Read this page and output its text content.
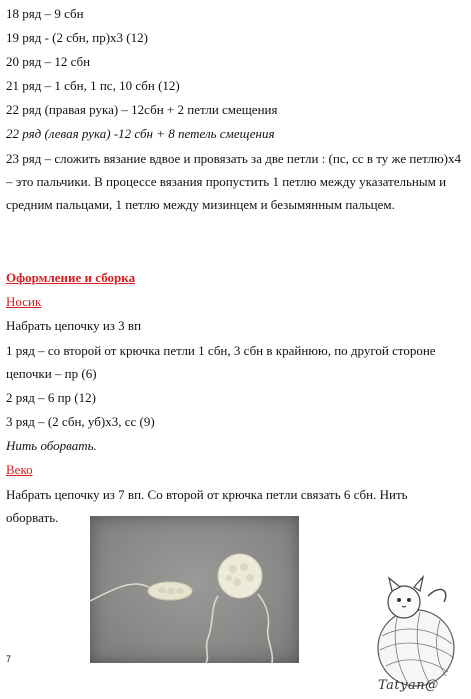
18 ряд – 9 сбн
19 ряд - (2 сбн, пр)х3 (12)
20 ряд – 12 сбн
21 ряд – 1 сбн, 1 пс, 10 сбн (12)
22 ряд (правая рука) – 12сбн + 2 петли смещения
22 ряд (левая рука) -12 сбн + 8 петель смещения
23 ряд – сложить вязание вдвое и провязать за две петли : (пс, сс в ту же петлю)х4 – это пальчики. В процессе вязания пропустить 1 петлю между указательным и средним пальцами, 1 петлю между мизинцем и безымянным пальцем.
Оформление и сборка
Носик
Набрать цепочку из 3 вп
1 ряд – со второй от крючка петли 1 сбн, 3 сбн в крайнюю, по другой стороне цепочки – пр (6)
2 ряд – 6 пр (12)
3 ряд – (2 сбн, уб)х3, сс (9)
Нить оборвать.
Веко
Набрать цепочку из 7 вп. Со второй от крючка петли связать 6 сбн. Нить оборвать.
7
Tatyan@
